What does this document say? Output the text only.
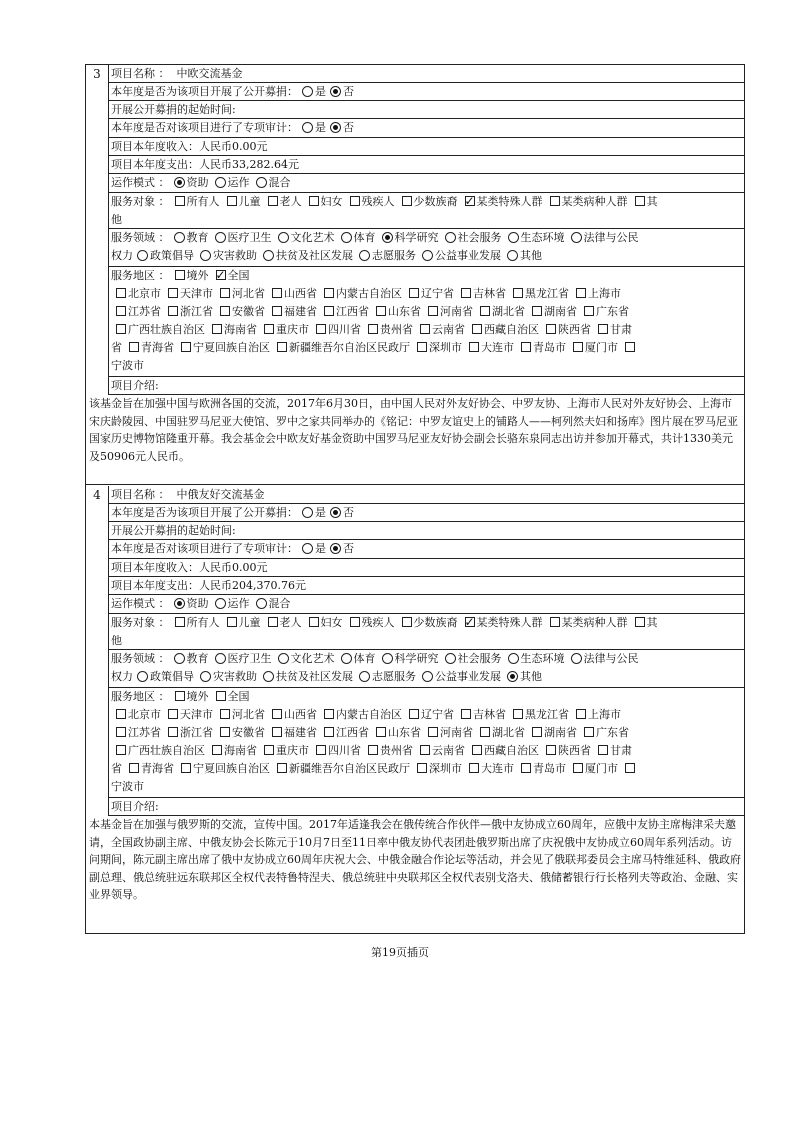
3 项目名称 ： 中欧交流基金
本年度是否为该项目开展了公开募捐： 是 否
开展公开募捐的起始时间:
本年度是否对该项目进行了专项审计： 是 否
项目本年度收入：人民币0.00元
项目本年度支出：人民币33,282.64元
运作模式 ： 资助 运作 混合
服务对象 ： 所有人 儿童 老人 妇女 残疾人 少数族裔 ✓ 某类特殊人群 某类病种人群 其
他
服务领域 ： 教育 医疗卫生 文化艺术 体育 科学研究 社会服务 生态环境 法律与公民
权力 政策倡导 灾害救助 扶贫及社区发展 志愿服务 公益事业发展 其他
服务地区 ： 境外 ✓ 全国
北京市 天津市 河北省 山西省 内蒙古自治区 辽宁省 吉林省 黑龙江省 上海市
江苏省 浙江省 安徽省 福建省 江西省 山东省 河南省 湖北省 湖南省 广东省
广西壮族自治区 海南省 重庆市 四川省 贵州省 云南省 西藏自治区 陕西省 甘肃
省 青海省 宁夏回族自治区 新疆维吾尔自治区民政厅 深圳市 大连市 青岛市 厦门市
宁波市
项目介绍:
该基金旨在加强中国与欧洲各国的交流，2017年6月30日，由中国人民对外友好协会、中罗友协、上海市人民对外友好协会、上海市宋庆龄陵园、中国驻罗马尼亚大使馆、罗中之家共同举办的《铭记：中罗友谊史上的铺路人——柯列然夫妇和扬库》图片展在罗马尼亚国家历史博物馆隆重开幕。我会基金会中欧友好基金资助中国罗马尼亚友好协会副会长骆东泉同志出访并参加开幕式，共计1330美元及50906元人民币。
4 项目名称 ： 中俄友好交流基金
本年度是否为该项目开展了公开募捐： 是 否
开展公开募捐的起始时间:
本年度是否对该项目进行了专项审计： 是 否
项目本年度收入：人民币0.00元
项目本年度支出：人民币204,370.76元
运作模式 ： 资助 运作 混合
服务对象 ： 所有人 儿童 老人 妇女 残疾人 少数族裔 ✓ 某类特殊人群 某类病种人群 其
他
服务领域 ： 教育 医疗卫生 文化艺术 体育 科学研究 社会服务 生态环境 法律与公民
权力 政策倡导 灾害救助 扶贫及社区发展 志愿服务 公益事业发展 其他
服务地区 ： 境外 全国
北京市 天津市 河北省 山西省 内蒙古自治区 辽宁省 吉林省 黑龙江省 上海市
江苏省 浙江省 安徽省 福建省 江西省 山东省 河南省 湖北省 湖南省 广东省
广西壮族自治区 海南省 重庆市 四川省 贵州省 云南省 西藏自治区 陕西省 甘肃
省 青海省 宁夏回族自治区 新疆维吾尔自治区民政厅 深圳市 大连市 青岛市 厦门市
宁波市
项目介绍:
本基金旨在加强与俄罗斯的交流，宣传中国。2017年适逢我会在俄传统合作伙伴—俄中友协成立60周年，应俄中友协主席梅津采夫邀请，全国政协副主席、中俄友协会长陈元于10月7日至11日率中俄友协代表团赴俄罗斯出席了庆祝俄中友协成立60周年系列活动。访问期间，陈元副主席出席了俄中友协成立60周年庆祝大会、中俄金融合作论坛等活动，并会见了俄联邦委员会主席马特维延科、俄政府副总理、俄总统驻远东联邦区全权代表特鲁特涅夫、俄总统驻中央联邦区全权代表别戈洛夫、俄储蓄银行行长格列夫等政治、金融、实业界领导。
第19页插页
